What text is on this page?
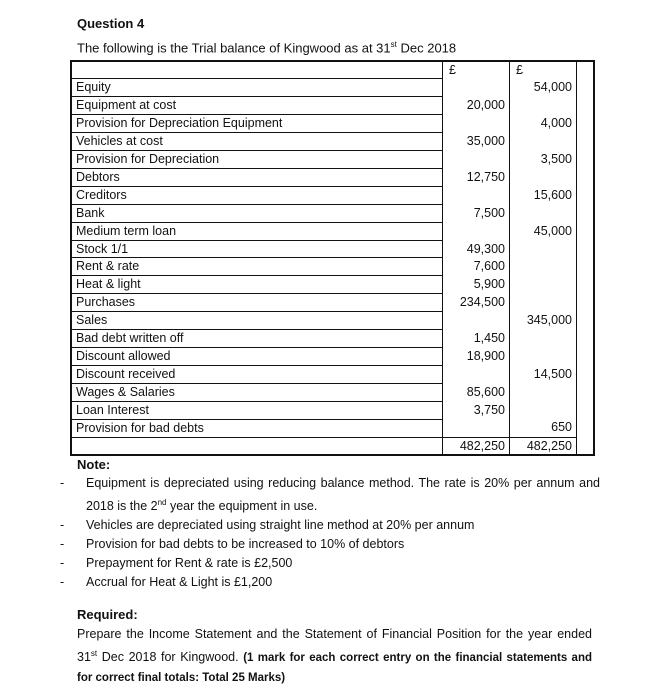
Question 4
The following is the Trial balance of Kingwood as at 31st Dec 2018
	£	£	
Equity		54,000	
Equipment at cost	20,000		
Provision for Depreciation Equipment		4,000	
Vehicles at cost	35,000		
Provision for Depreciation		3,500	
Debtors	12,750		
Creditors		15,600	
Bank	7,500		
Medium term loan		45,000	
Stock 1/1	49,300		
Rent & rate	7,600		
Heat & light	5,900		
Purchases	234,500		
Sales		345,000	
Bad debt written off	1,450		
Discount allowed	18,900		
Discount received		14,500	
Wages & Salaries	85,600		
Loan Interest	3,750		
Provision for bad debts		650	
	482,250	482,250	
Note:
- Equipment is depreciated using reducing balance method. The rate is 20% per annum and 2018 is the 2nd year the equipment in use.
- Vehicles are depreciated using straight line method at 20% per annum
- Provision for bad debts to be increased to 10% of debtors
- Prepayment for Rent & rate is £2,500
- Accrual for Heat & Light is £1,200
Required:
Prepare the Income Statement and the Statement of Financial Position for the year ended 31st Dec 2018 for Kingwood. (1 mark for each correct entry on the financial statements and for correct final totals: Total 25 Marks)
